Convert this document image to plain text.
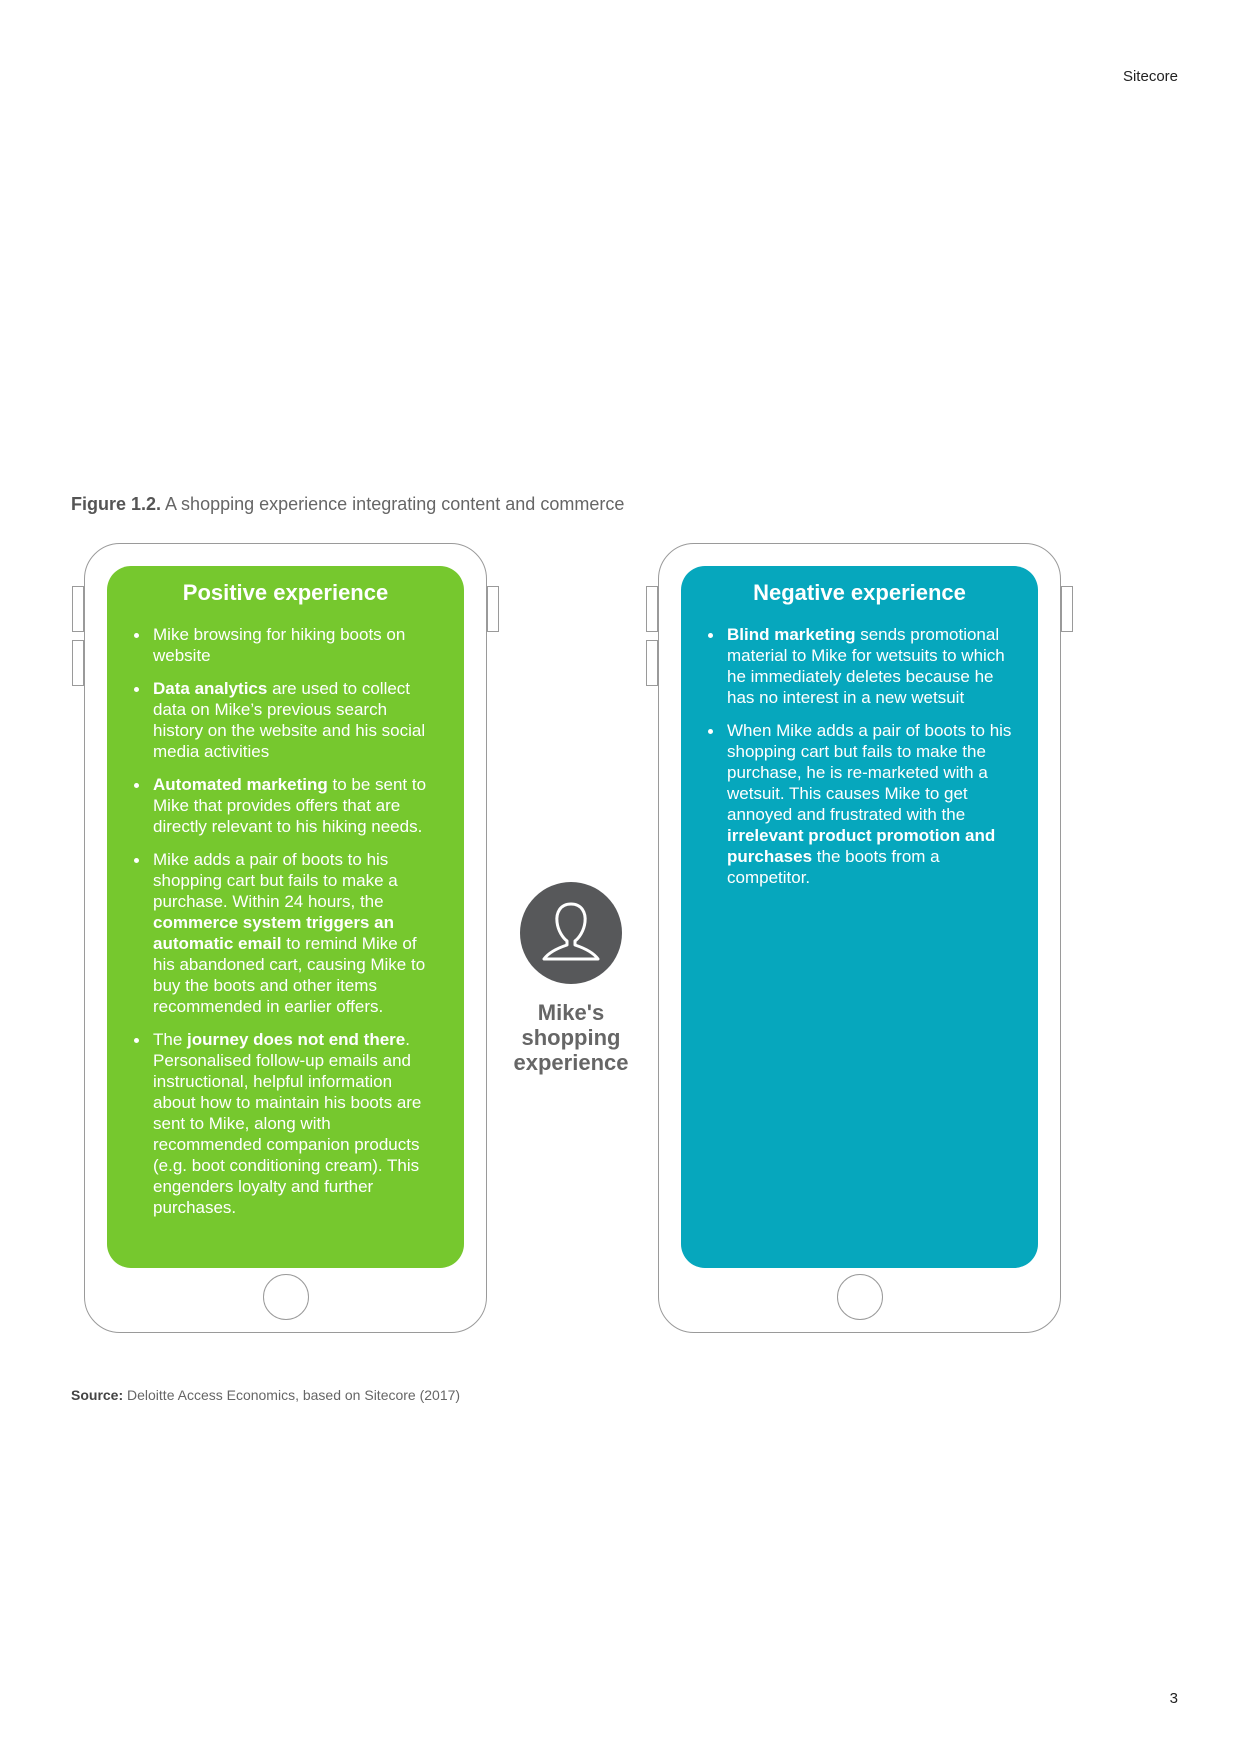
Sitecore
Figure 1.2. A shopping experience integrating content and commerce
Positive experience
Mike browsing for hiking boots on website
Data analytics are used to collect data on Mike’s previous search history on the website and his social media activities
Automated marketing to be sent to Mike that provides offers that are directly relevant to his hiking needs.
Mike adds a pair of boots to his shopping cart but fails to make a purchase. Within 24 hours, the commerce system triggers an automatic email to remind Mike of his abandoned cart, causing Mike to buy the boots and other items recommended in earlier offers.
The journey does not end there. Personalised follow-up emails and instructional, helpful information about how to maintain his boots are sent to Mike, along with recommended companion products (e.g. boot conditioning cream). This engenders loyalty and further purchases.
Mike's
shopping
experience
Negative experience
Blind marketing sends promotional material to Mike for wetsuits to which he immediately deletes because he has no interest in a new wetsuit
When Mike adds a pair of boots to his shopping cart but fails to make the purchase, he is re-marketed with a wetsuit. This causes Mike to get annoyed and frustrated with the irrelevant product promotion and purchases the boots from a competitor.
Source: Deloitte Access Economics, based on Sitecore (2017)
3
